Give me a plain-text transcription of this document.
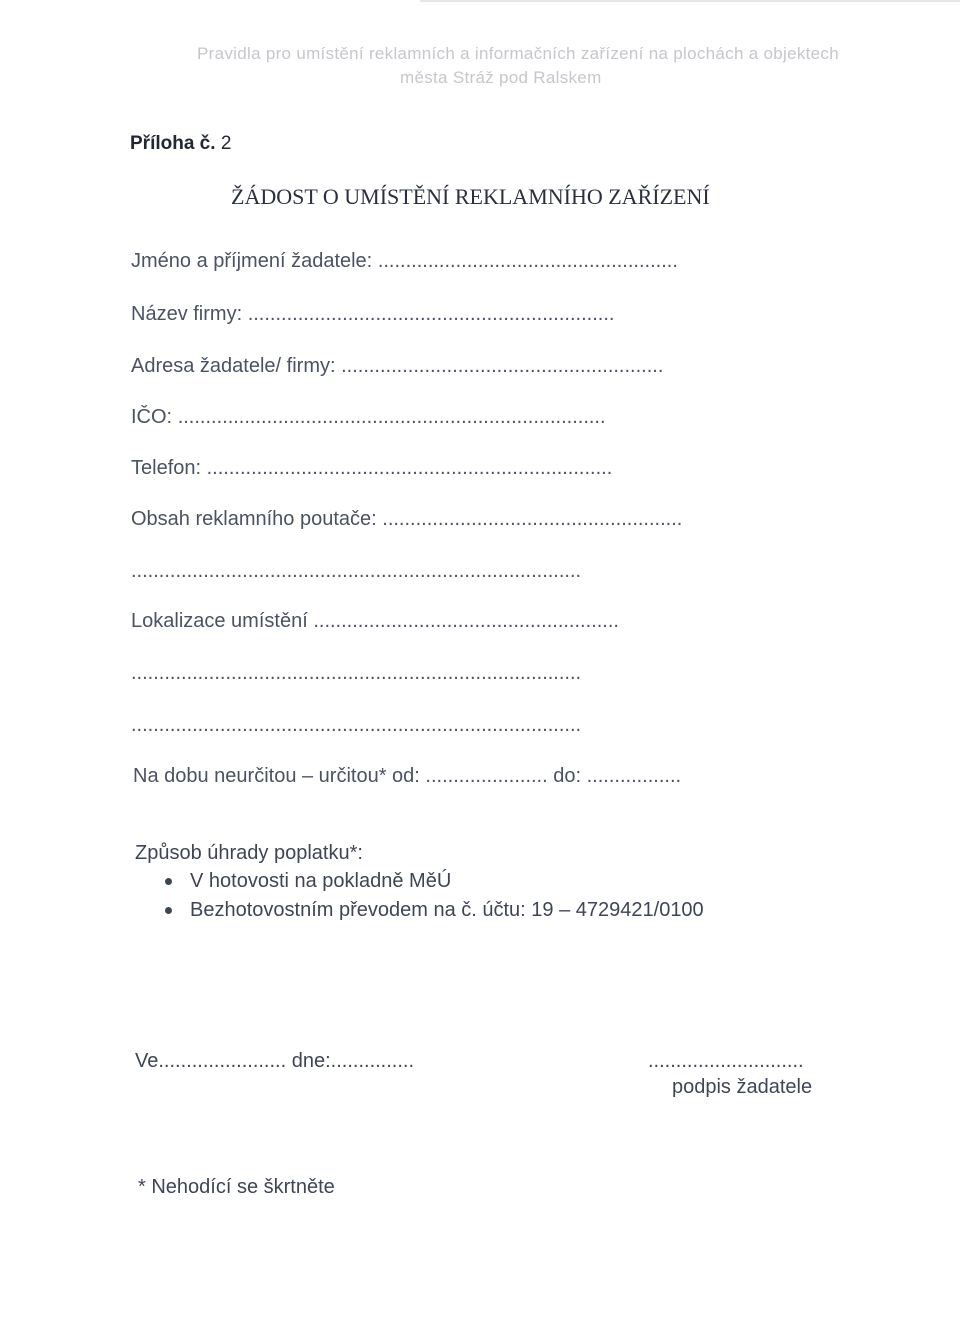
Pravidla pro umístění reklamních a informačních zařízení na plochách a objektech
města Stráž pod Ralskem
Příloha č. 2
ŽÁDOST O UMÍSTĚNÍ REKLAMNÍHO ZAŘÍZENÍ
Jméno a příjmení žadatele: ......................................................
Název firmy: ..................................................................
Adresa žadatele/ firmy: ..........................................................
IČO: .............................................................................
Telefon: .........................................................................
Obsah reklamního poutače: ......................................................
.................................................................................
Lokalizace umístění .......................................................
.................................................................................
.................................................................................
Na dobu neurčitou – určitou* od: ...................... do: .................
Způsob úhrady poplatku*:
V hotovosti na pokladně MěÚ
Bezhotovostním převodem na č. účtu: 19 – 4729421/0100
Ve....................... dne:...............	............................
podpis žadatele
* Nehodící se škrtněte
